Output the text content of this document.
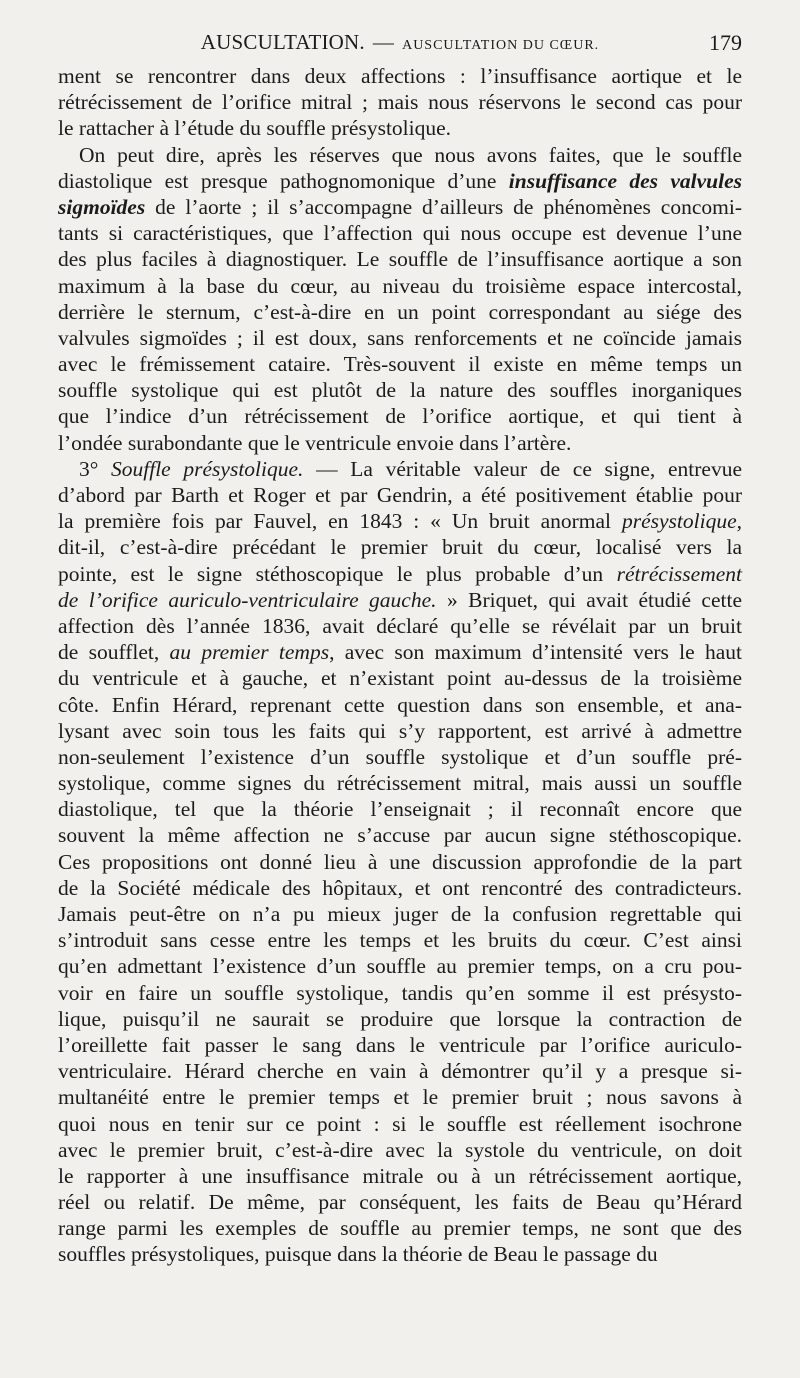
AUSCULTATION. — AUSCULTATION DU CŒUR.	179
ment se rencontrer dans deux affections : l’insuffisance aortique et le
rétrécissement de l’orifice mitral ; mais nous réservons le second cas pour
le rattacher à l’étude du souffle présystolique.
On peut dire, après les réserves que nous avons faites, que le souffle
diastolique est presque pathognomonique d’une insuffisance des valvules
sigmoïdes de l’aorte ; il s’accompagne d’ailleurs de phénomènes concomi-
tants si caractéristiques, que l’affection qui nous occupe est devenue l’une
des plus faciles à diagnostiquer. Le souffle de l’insuffisance aortique a son
maximum à la base du cœur, au niveau du troisième espace intercostal,
derrière le sternum, c’est-à-dire en un point correspondant au siége des
valvules sigmoïdes ; il est doux, sans renforcements et ne coïncide jamais
avec le frémissement cataire. Très-souvent il existe en même temps un
souffle systolique qui est plutôt de la nature des souffles inorganiques
que l’indice d’un rétrécissement de l’orifice aortique, et qui tient à
l’ondée surabondante que le ventricule envoie dans l’artère.
3° Souffle présystolique. — La véritable valeur de ce signe, entrevue
d’abord par Barth et Roger et par Gendrin, a été positivement établie pour
la première fois par Fauvel, en 1843 : « Un bruit anormal présystolique,
dit-il, c’est-à-dire précédant le premier bruit du cœur, localisé vers la
pointe, est le signe stéthoscopique le plus probable d’un rétrécissement
de l’orifice auriculo-ventriculaire gauche. » Briquet, qui avait étudié cette
affection dès l’année 1836, avait déclaré qu’elle se révélait par un bruit
de soufflet, au premier temps, avec son maximum d’intensité vers le haut
du ventricule et à gauche, et n’existant point au-dessus de la troisième
côte. Enfin Hérard, reprenant cette question dans son ensemble, et ana-
lysant avec soin tous les faits qui s’y rapportent, est arrivé à admettre
non-seulement l’existence d’un souffle systolique et d’un souffle pré-
systolique, comme signes du rétrécissement mitral, mais aussi un souffle
diastolique, tel que la théorie l’enseignait ; il reconnaît encore que
souvent la même affection ne s’accuse par aucun signe stéthoscopique.
Ces propositions ont donné lieu à une discussion approfondie de la part
de la Société médicale des hôpitaux, et ont rencontré des contradicteurs.
Jamais peut-être on n’a pu mieux juger de la confusion regrettable qui
s’introduit sans cesse entre les temps et les bruits du cœur. C’est ainsi
qu’en admettant l’existence d’un souffle au premier temps, on a cru pou-
voir en faire un souffle systolique, tandis qu’en somme il est présysto-
lique, puisqu’il ne saurait se produire que lorsque la contraction de
l’oreillette fait passer le sang dans le ventricule par l’orifice auriculo-
ventriculaire. Hérard cherche en vain à démontrer qu’il y a presque si-
multanéité entre le premier temps et le premier bruit ; nous savons à
quoi nous en tenir sur ce point : si le souffle est réellement isochrone
avec le premier bruit, c’est-à-dire avec la systole du ventricule, on doit
le rapporter à une insuffisance mitrale ou à un rétrécissement aortique,
réel ou relatif. De même, par conséquent, les faits de Beau qu’Hérard
range parmi les exemples de souffle au premier temps, ne sont que des
souffles présystoliques, puisque dans la théorie de Beau le passage du
